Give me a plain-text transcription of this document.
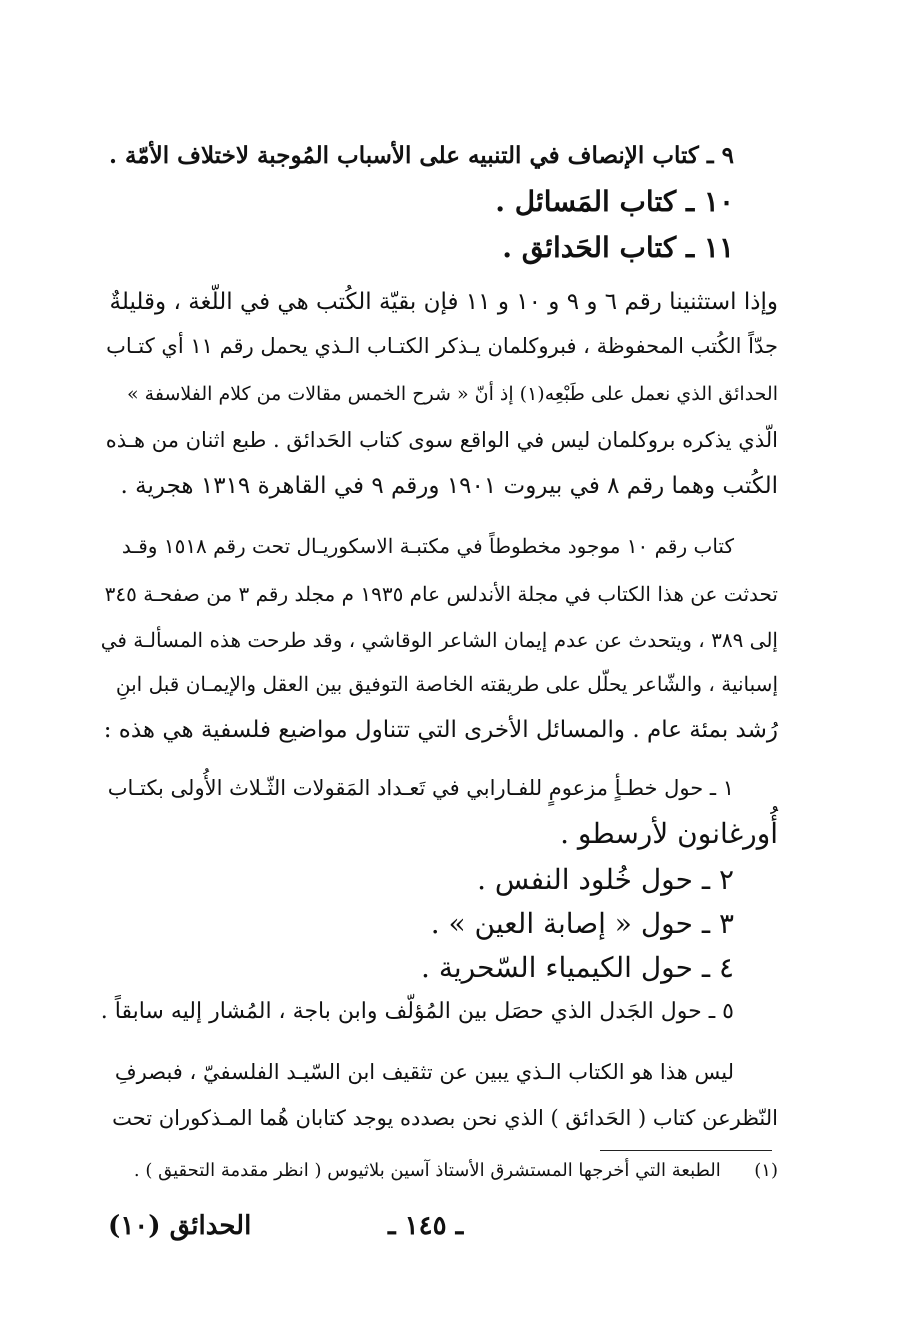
٩ ـ كتاب الإنصاف في التنبيه على الأسباب المُوجبة لاختلاف الأمّة .
١٠ ـ كتاب المَسائل .
١١ ـ كتاب الحَدائق .
وإذا استثنينا رقم ٦ و ٩ و ١٠ و ١١ فإن بقيّة الكُتب هي في اللّغة ، وقليلةٌ
جدّاً الكُتب المحفوظة ، فبروكلمان يـذكر الكتـاب الـذي يحمل رقم ١١ أي كتـاب
الحدائق الذي نعمل على طَبْعِه(١) إذ أنّ « شرح الخمس مقالات من كلام الفلاسفة »
الّذي يذكره بروكلمان ليس في الواقع سوى كتاب الحَدائق . طبع اثنان من هـذه
الكُتب وهما رقم ٨ في بيروت ١٩٠١ ورقم ٩ في القاهرة ١٣١٩ هجرية .
كتاب رقم ١٠ موجود مخطوطاً في مكتبـة الاسكوريـال تحت رقم ١٥١٨ وقـد
تحدثت عن هذا الكتاب في مجلة الأندلس عام ١٩٣٥ م مجلد رقم ٣ من صفحـة ٣٤٥
إلى ٣٨٩ ، ويتحدث عن عدم إيمان الشاعر الوقاشي ، وقد طرحت هذه المسألـة في
إسبانية ، والشّاعر يحلّل على طريقته الخاصة التوفيق بين العقل والإيمـان قبل ابنِ
رُشد بمئة عام . والمسائل الأخرى التي تتناول مواضيع فلسفية هي هذه :
١ ـ حول خطـأٍ مزعومٍ للفـارابي في تَعـداد المَقولات الثّـلاث الأُولى بكتـاب
أُورغانون لأرسطو .
٢ ـ حول خُلود النفس .
٣ ـ حول « إصابة العين » .
٤ ـ حول الكيمياء السّحرية .
٥ ـ حول الجَدل الذي حصَل بين المُؤلّف وابن باجة ، المُشار إليه سابقاً .
ليس هذا هو الكتاب الـذي يبين عن تثقيف ابن السّيـد الفلسفيّ ، فبصرفِ
النّظرعن كتاب ( الحَدائق ) الذي نحن بصدده يوجد كتابان هُما المـذكوران تحت
(١)  الطبعة التي أخرجها المستشرق الأستاذ آسين بلاثيوس ( انظر مقدمة التحقيق ) .
ـ ١٤٥ ـ
الحدائق (١٠)
